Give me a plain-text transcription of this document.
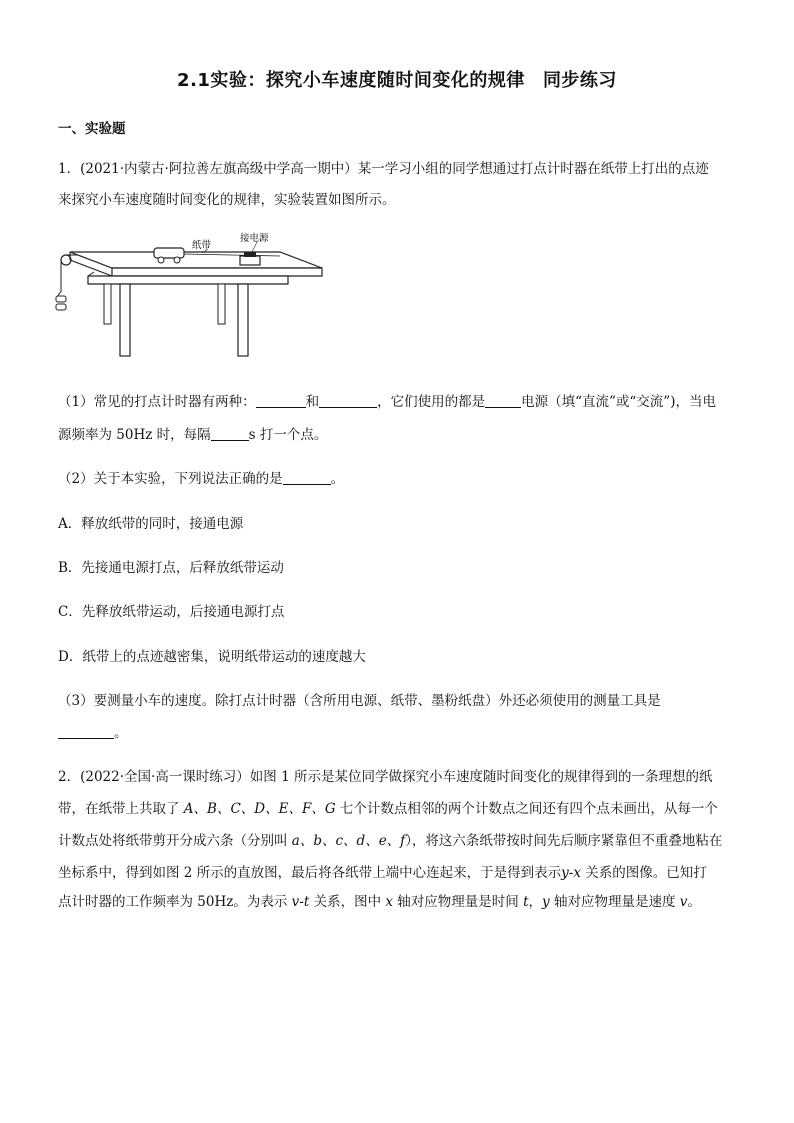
2.1实验：探究小车速度随时间变化的规律 同步练习
一、实验题
1．(2021·内蒙古·阿拉善左旗高级中学高一期中）某一学习小组的同学想通过打点计时器在纸带上打出的点迹
来探究小车速度随时间变化的规律，实验装置如图所示。
纸带
接电源
（1）常见的打点计时器有两种：	和	，它们使用的都是	电源（填“直流”或“交流”)，当电
源频率为 50Hz 时，每隔	s 打一个点。
（2）关于本实验，下列说法正确的是	。
A．释放纸带的同时，接通电源
B．先接通电源打点，后释放纸带运动
C．先释放纸带运动，后接通电源打点
D．纸带上的点迹越密集，说明纸带运动的速度越大
（3）要测量小车的速度。除打点计时器（含所用电源、纸带、墨粉纸盘）外还必须使用的测量工具是
。
2．(2022·全国·高一课时练习）如图 1 所示是某位同学做探究小车速度随时间变化的规律得到的一条理想的纸
带，在纸带上共取了 A、B、C、D、E、F、G 七个计数点相邻的两个计数点之间还有四个点未画出，从每一个
计数点处将纸带剪开分成六条（分别叫 a、b、c、d、e、f），将这六条纸带按时间先后顺序紧靠但不重叠地粘在
坐标系中，得到如图 2 所示的直放图，最后将各纸带上端中心连起来，于是得到表示y-x 关系的图像。已知打
点计时器的工作频率为 50Hz。为表示 v-t 关系，图中 x 轴对应物理量是时间 t，y 轴对应物理量是速度 v。
